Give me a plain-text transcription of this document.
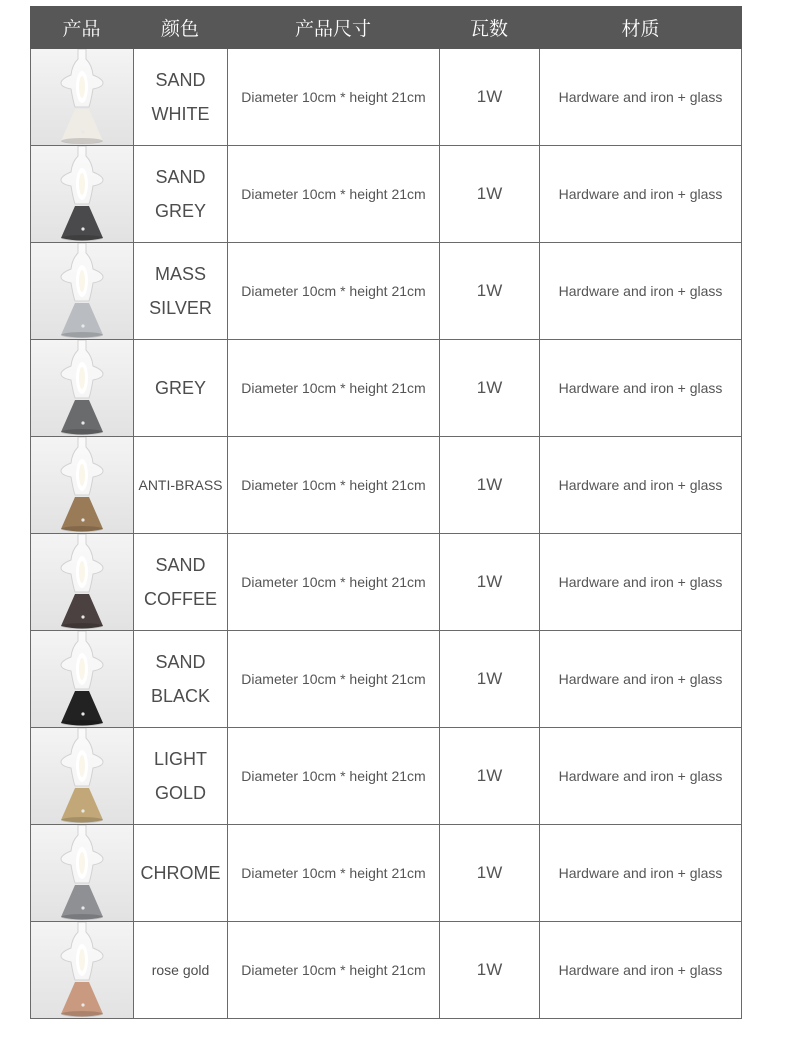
产品	颜色	产品尺寸	瓦数	材质
SAND
WHITE
Diameter 10cm * height 21cm	1W	Hardware and iron + glass
SAND
GREY
Diameter 10cm * height 21cm	1W	Hardware and iron + glass
MASS
SILVER
Diameter 10cm * height 21cm	1W	Hardware and iron + glass
GREY	Diameter 10cm * height 21cm	1W	Hardware and iron + glass
ANTI-BRASS	Diameter 10cm * height 21cm	1W	Hardware and iron + glass
SAND
COFFEE
Diameter 10cm * height 21cm	1W	Hardware and iron + glass
SAND
BLACK
Diameter 10cm * height 21cm	1W	Hardware and iron + glass
LIGHT
GOLD
Diameter 10cm * height 21cm	1W	Hardware and iron + glass
CHROME	Diameter 10cm * height 21cm	1W	Hardware and iron + glass
rose gold	Diameter 10cm * height 21cm	1W	Hardware and iron + glass
